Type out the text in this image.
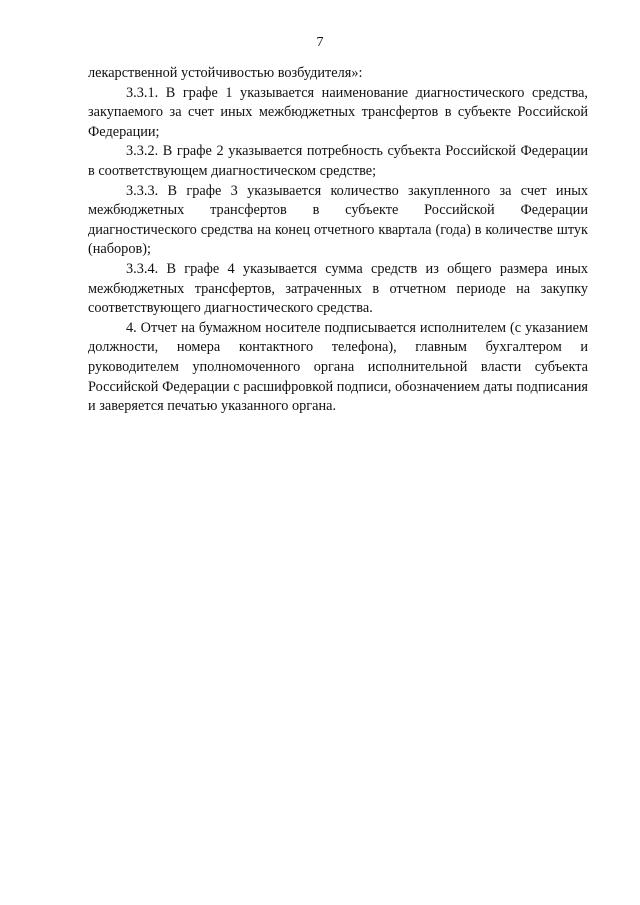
7

лекарственной устойчивостью возбудителя»:

3.3.1. В графе 1 указывается наименование диагностического средства, закупаемого за счет иных межбюджетных трансфертов в субъекте Российской Федерации;

3.3.2. В графе 2 указывается потребность субъекта Российской Федерации в соответствующем диагностическом средстве;

3.3.3. В графе 3 указывается количество закупленного за счет иных межбюджетных трансфертов в субъекте Российской Федерации диагностического средства на конец отчетного квартала (года) в количестве штук (наборов);

3.3.4. В графе 4 указывается сумма средств из общего размера иных межбюджетных трансфертов, затраченных в отчетном периоде на закупку соответствующего диагностического средства.

4. Отчет на бумажном носителе подписывается исполнителем (с указанием должности, номера контактного телефона), главным бухгалтером и руководителем уполномоченного органа исполнительной власти субъекта Российской Федерации с расшифровкой подписи, обозначением даты подписания и заверяется печатью указанного органа.
